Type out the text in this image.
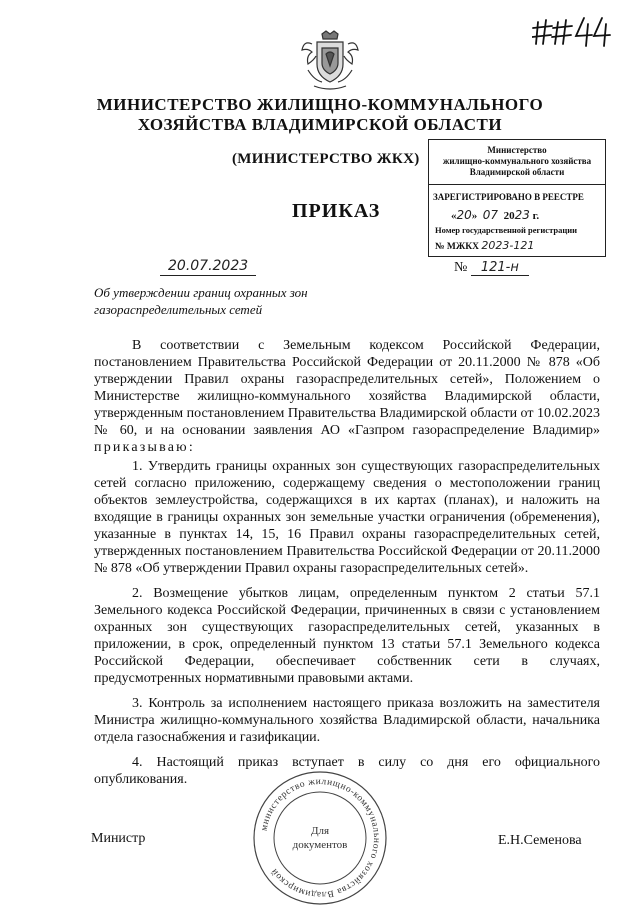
МИНИСТЕРСТВО ЖИЛИЩНО-КОММУНАЛЬНОГО
ХОЗЯЙСТВА ВЛАДИМИРСКОЙ ОБЛАСТИ
(МИНИСТЕРСТВО ЖКХ)
ПРИКАЗ
Министерство
жилищно-коммунального хозяйства
Владимирской области
ЗАРЕГИСТРИРОВАНО В РЕЕСТРЕ
«20» 07 2023 г.
Номер государственной регистрации
№ МЖКХ 2023-121
20.07.2023	№ 121-н
Об утверждении границ охранных зон
газораспределительных сетей

В соответствии с Земельным кодексом Российской Федерации, постановлением Правительства Российской Федерации от 20.11.2000 № 878 «Об утверждении Правил охраны газораспределительных сетей», Положением о Министерстве жилищно-коммунального хозяйства Владимирской области, утвержденным постановлением Правительства Владимирской области от 10.02.2023 № 60, и на основании заявления АО «Газпром газораспределение Владимир» приказываю:

1. Утвердить границы охранных зон существующих газораспределительных сетей согласно приложению, содержащему сведения о местоположении границ объектов землеустройства, содержащихся в их картах (планах), и наложить на входящие в границы охранных зон земельные участки ограничения (обременения), указанные в пунктах 14, 15, 16 Правил охраны газораспределительных сетей, утвержденных постановлением Правительства Российской Федерации от 20.11.2000 № 878 «Об утверждении Правил охраны газораспределительных сетей».

2. Возмещение убытков лицам, определенным пунктом 2 статьи 57.1 Земельного кодекса Российской Федерации, причиненных в связи с установлением охранных зон существующих газораспределительных сетей, указанных в приложении, в срок, определенный пунктом 13 статьи 57.1 Земельного кодекса Российской Федерации, обеспечивает собственник сети в случаях, предусмотренных нормативными правовыми актами.

3. Контроль за исполнением настоящего приказа возложить на заместителя Министра жилищно-коммунального хозяйства Владимирской области, начальника отдела газоснабжения и газификации.

4. Настоящий приказ вступает в силу со дня его официального опубликования.

министерство жилищно-коммунального хозяйства Владимирской
Для
документов
Министр	Е.Н.Семенова
